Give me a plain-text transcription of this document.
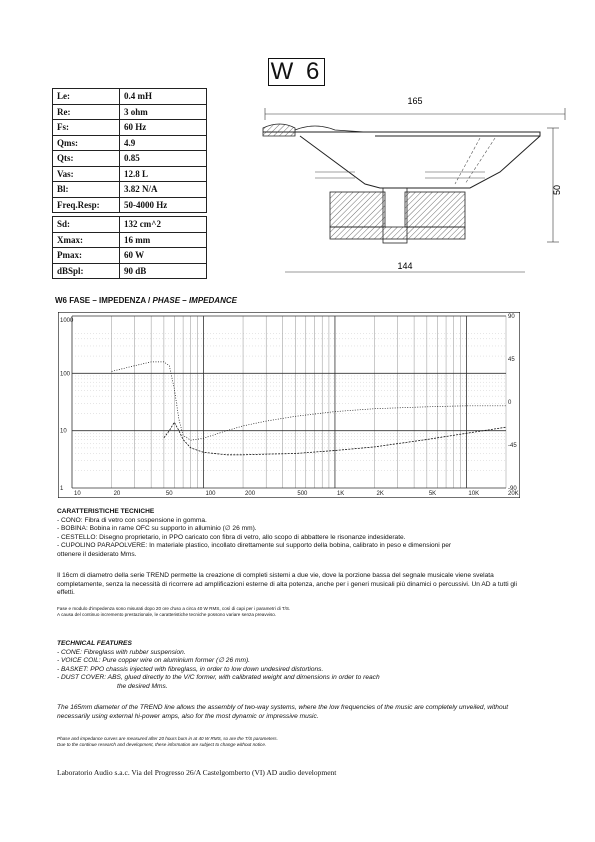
W 6
Le:	0.4 mH
Re:	3 ohm
Fs:	60 Hz
Qms:	4.9
Qts:	0.85
Vas:	12.8 L
Bl:	3.82 N/A
Freq.Resp:	50-4000 Hz
Sd:	132 cm^2
Xmax:	16 mm
Pmax:	60 W
dBSpl:	90 dB
165
50
144
W6 FASE – IMPEDENZA / PHASE – IMPEDANCE
10	20	50	100	200	500	1K	2K	5K	10K	20K
1000
100
10
1
90
45
0
-45
-90
CARATTERISTICHE TECNICHE
- CONO: Fibra di vetro con sospensione in gomma.
- BOBINA: Bobina in rame OFC su supporto in alluminio (∅ 26 mm).
- CESTELLO: Disegno proprietario, in PPO caricato con fibra di vetro, allo scopo di abbattere le risonanze indesiderate.
- CUPOLINO PARAPOLVERE: In materiale plastico, incollato direttamente sul supporto della bobina, calibrato in peso e dimensioni per
ottenere il desiderato Mms.
Il 16cm di diametro della serie TREND permette la creazione di completi sistemi a due vie, dove la porzione bassa del segnale musicale viene svelata completamente, senza la necessità di ricorrere ad amplificazioni esterne di alta potenza, anche per i generi musicali più dinamici o percussivi. Un AD a tutti gli effetti.
Fase e modulo d'impedenza sono misurati dopo 20 ore d'uso a circa 40 W RMS, così di capi per i parametri di T/S.
A causa del continuo incremento prestazionale, le caratteristiche tecniche possono variare senza preavviso.
TECHNICAL FEATURES
- CONE: Fibreglass with rubber suspension.
- VOICE COIL: Pure copper wire on aluminium former (∅ 26 mm).
- BASKET: PPO chassis injected with fibreglass, in order to low down undesired distortions.
- DUST COVER: ABS, glued directly to the V/C former, with calibrated weight and dimensions in order to reach
the desired Mms.
The 165mm diameter of the TREND line allows the assembly of two-way systems, where the low frequencies of the music are completely unveiled, without necessarily using external hi-power amps, also for the most dynamic or impressive music.
Phase and impedance curves are measured after 20 hours burn in at 40 W RMS, so are the T/S parameters.
Due to the continue research and development, these information are subject to change without notice.
Laboratorio Audio s.a.c. Via del Progresso 26/A Castelgomberto (VI) AD audio development
